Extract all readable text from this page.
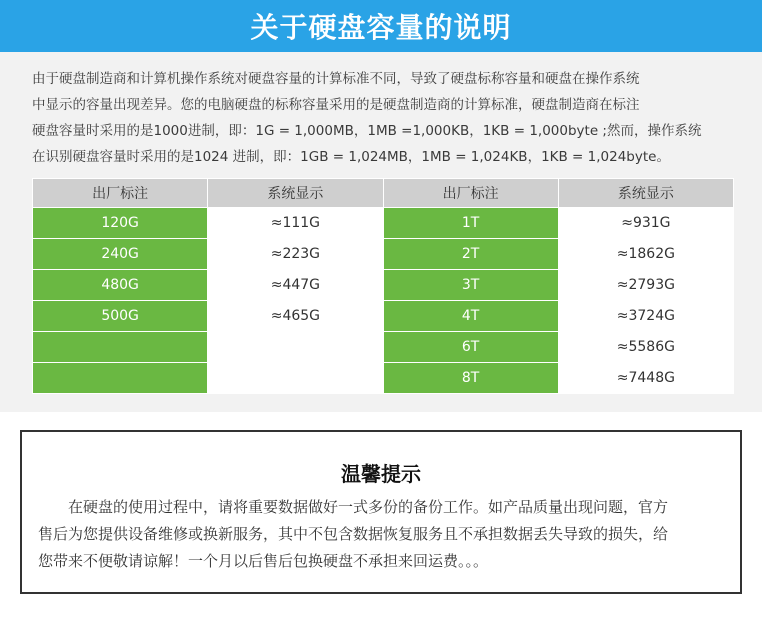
关于硬盘容量的说明

由于硬盘制造商和计算机操作系统对硬盘容量的计算标准不同，导致了硬盘标称容量和硬盘在操作系统

中显示的容量出现差异。您的电脑硬盘的标称容量采用的是硬盘制造商的计算标准，硬盘制造商在标注

硬盘容量时采用的是1000进制，即：1G = 1,000MB，1MB =1,000KB，1KB = 1,000byte ;然而，操作系统

在识别硬盘容量时采用的是1024 进制，即：1GB = 1,024MB，1MB = 1,024KB，1KB = 1,024byte。

出厂标注	系统显示	出厂标注	系统显示
120G	≈111G	1T	≈931G
240G	≈223G	2T	≈1862G
480G	≈447G	3T	≈2793G
500G	≈465G	4T	≈3724G
		6T	≈5586G
		8T	≈7448G
温馨提示

在硬盘的使用过程中，请将重要数据做好一式多份的备份工作。如产品质量出现问题，官方

售后为您提供设备维修或换新服务，其中不包含数据恢复服务且不承担数据丢失导致的损失，给

您带来不便敬请谅解！一个月以后售后包换硬盘不承担来回运费。。。
